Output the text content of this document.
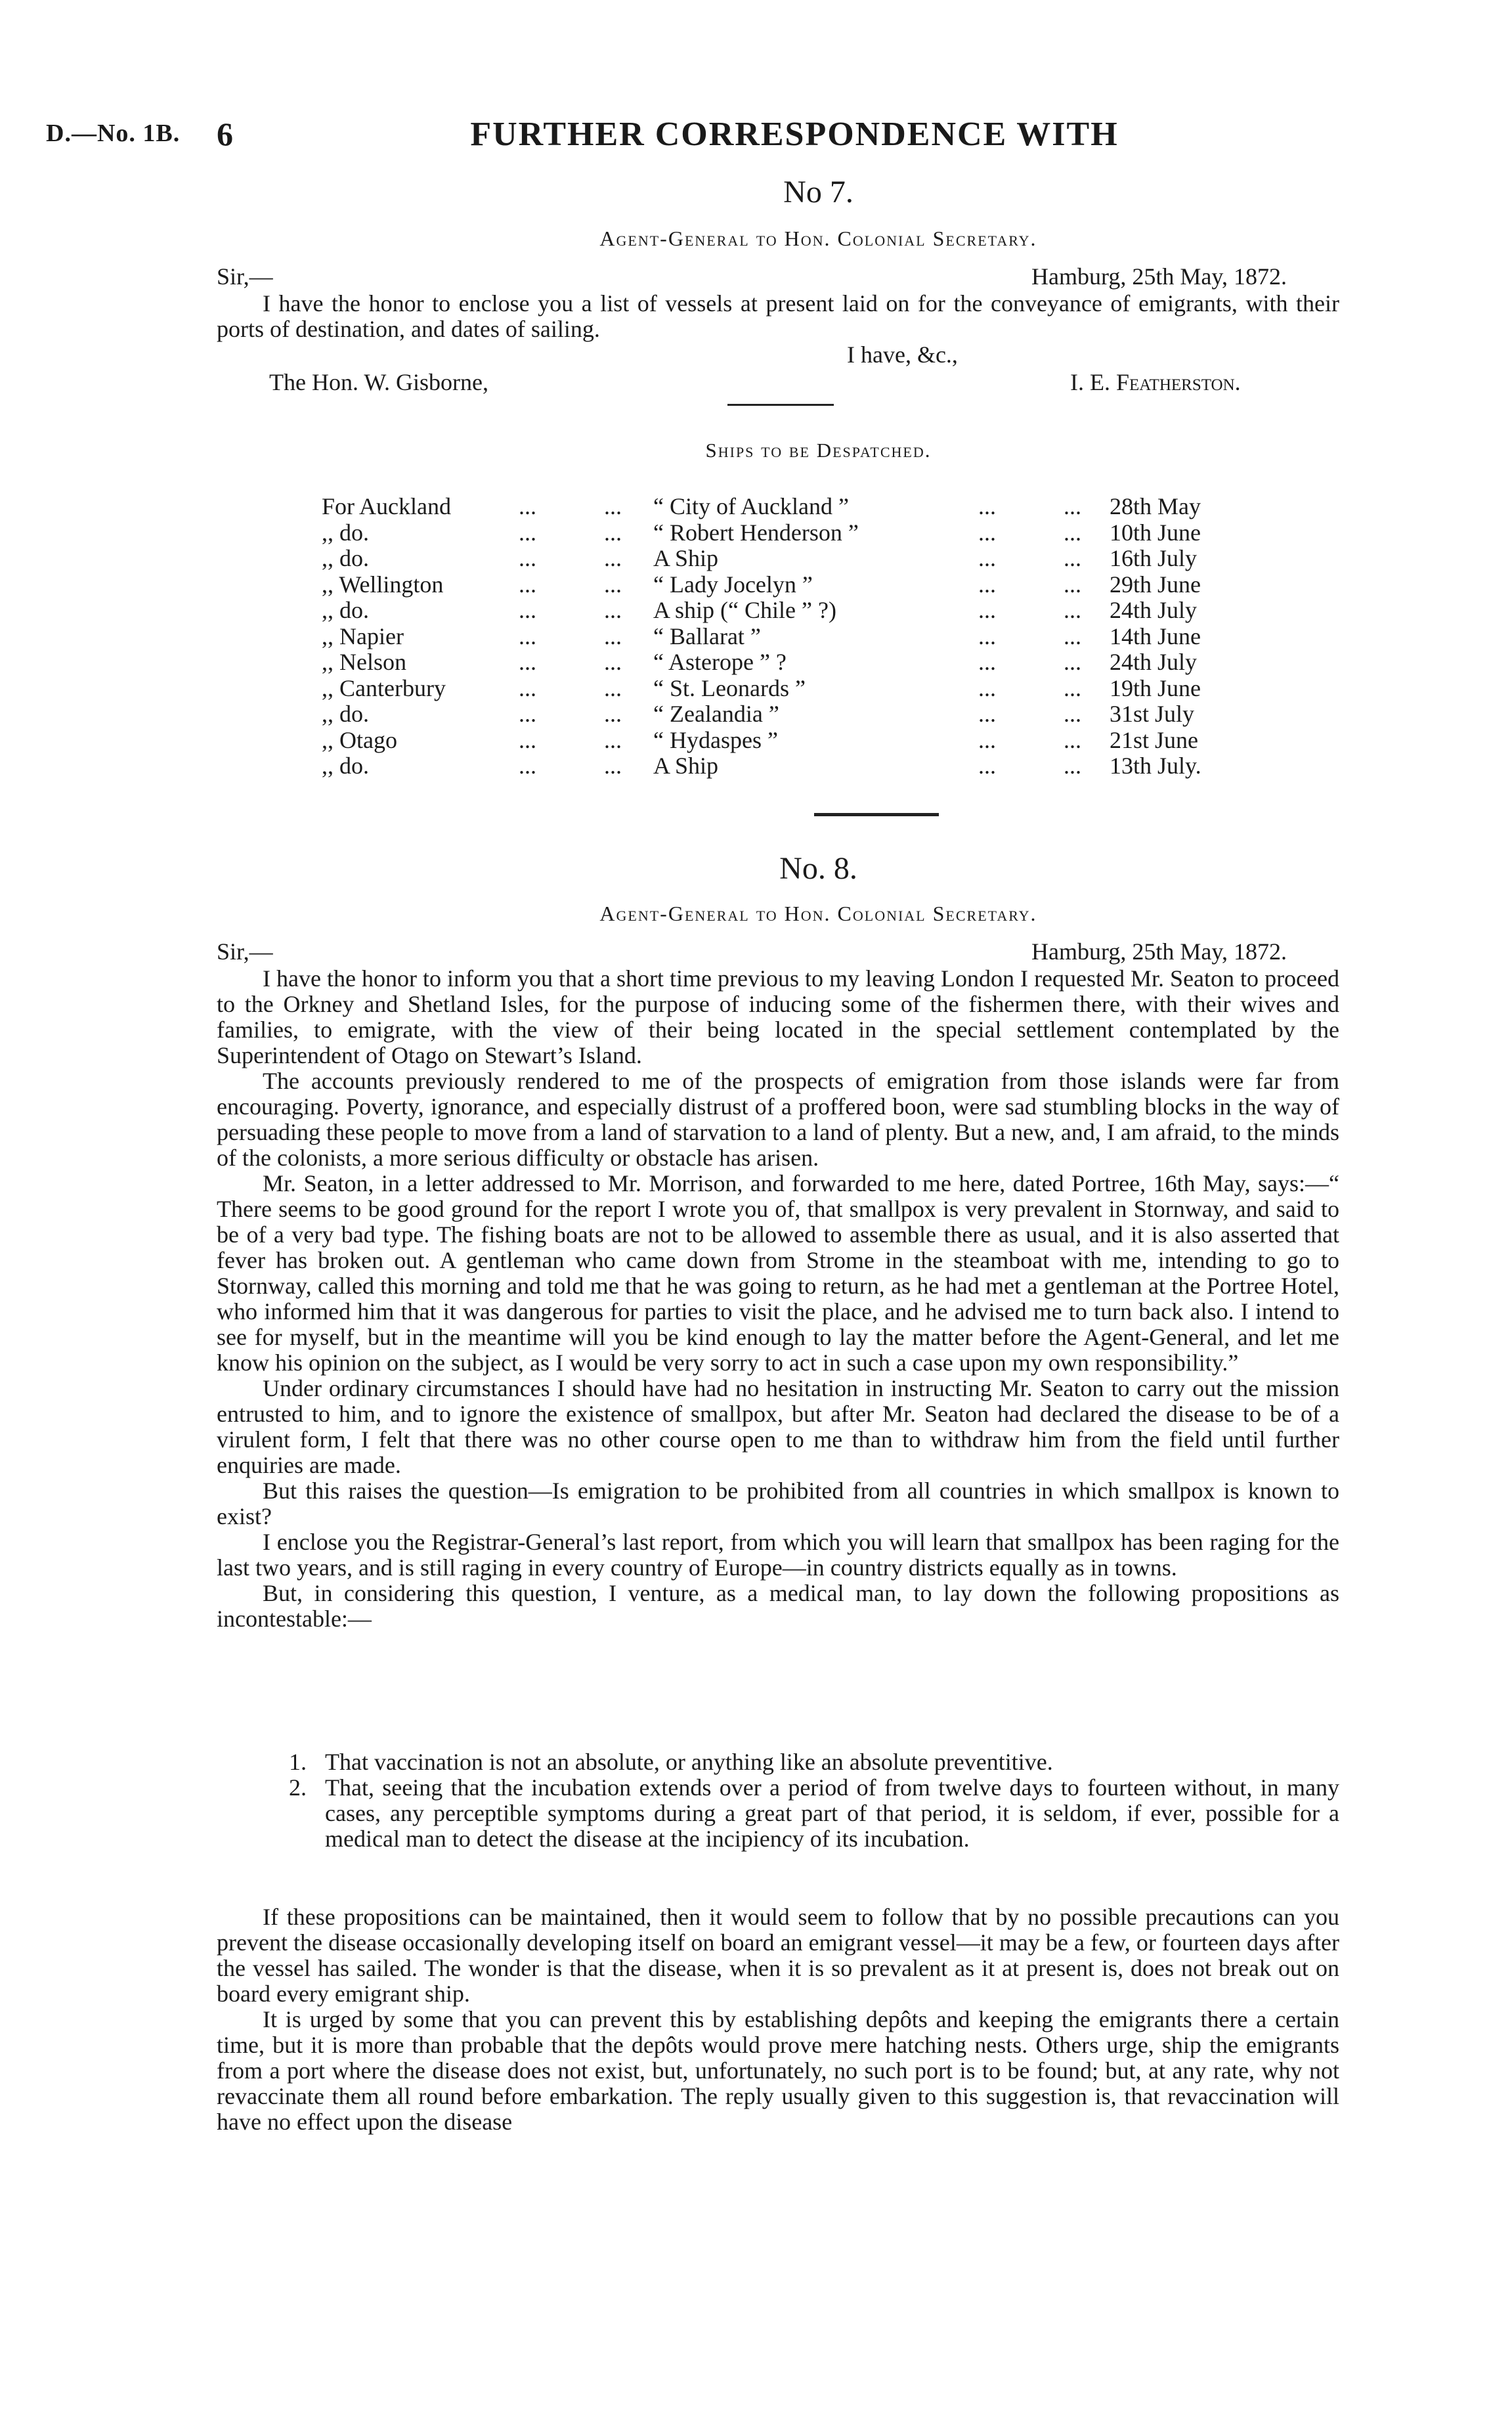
D.—No. 1B. 6	FURTHER CORRESPONDENCE WITH
No 7.
Agent-General to Hon. Colonial Secretary.
Sir,—	Hamburg, 25th May, 1872.

I have the honor to enclose you a list of vessels at present laid on for the conveyance of emigrants, with their ports of destination, and dates of sailing.

I have, &c.,
The Hon. W. Gisborne,	I. E. Featherston.
Ships to be Despatched.
For Auckland	...	... “ City of Auckland ”	...	... 28th May
,, do.	...	... “ Robert Henderson ”	...	... 10th June
,, do.	...	... A Ship	...	... 16th July
,, Wellington	...	... “ Lady Jocelyn ”	...	... 29th June
,, do.	...	... A ship (“ Chile ” ?)	...	... 24th July
,, Napier	...	... “ Ballarat ”	...	... 14th June
,, Nelson	...	... “ Asterope ” ?	...	... 24th July
,, Canterbury	...	... “ St. Leonards ”	...	... 19th June
,, do.	...	... “ Zealandia ”	...	... 31st July
,, Otago	...	... “ Hydaspes ”	...	... 21st June
,, do.	...	... A Ship	...	... 13th July.
No. 8.
Agent-General to Hon. Colonial Secretary.
Sir,—	Hamburg, 25th May, 1872.

I have the honor to inform you that a short time previous to my leaving London I requested Mr. Seaton to proceed to the Orkney and Shetland Isles, for the purpose of inducing some of the fishermen there, with their wives and families, to emigrate, with the view of their being located in the special settlement contemplated by the Superintendent of Otago on Stewart’s Island.

The accounts previously rendered to me of the prospects of emigration from those islands were far from encouraging. Poverty, ignorance, and especially distrust of a proffered boon, were sad stumbling blocks in the way of persuading these people to move from a land of starvation to a land of plenty. But a new, and, I am afraid, to the minds of the colonists, a more serious difficulty or obstacle has arisen.

Mr. Seaton, in a letter addressed to Mr. Morrison, and forwarded to me here, dated Portree, 16th May, says:—“ There seems to be good ground for the report I wrote you of, that smallpox is very prevalent in Stornway, and said to be of a very bad type. The fishing boats are not to be allowed to assemble there as usual, and it is also asserted that fever has broken out. A gentleman who came down from Strome in the steamboat with me, intending to go to Stornway, called this morning and told me that he was going to return, as he had met a gentleman at the Portree Hotel, who informed him that it was dangerous for parties to visit the place, and he advised me to turn back also. I intend to see for myself, but in the meantime will you be kind enough to lay the matter before the Agent-General, and let me know his opinion on the subject, as I would be very sorry to act in such a case upon my own responsibility.”

Under ordinary circumstances I should have had no hesitation in instructing Mr. Seaton to carry out the mission entrusted to him, and to ignore the existence of smallpox, but after Mr. Seaton had declared the disease to be of a virulent form, I felt that there was no other course open to me than to withdraw him from the field until further enquiries are made.

But this raises the question—Is emigration to be prohibited from all countries in which smallpox is known to exist?

I enclose you the Registrar-General’s last report, from which you will learn that smallpox has been raging for the last two years, and is still raging in every country of Europe—in country districts equally as in towns.

But, in considering this question, I venture, as a medical man, to lay down the following propositions as incontestable:—

1. That vaccination is not an absolute, or anything like an absolute preventitive.
2. That, seeing that the incubation extends over a period of from twelve days to fourteen without, in many cases, any perceptible symptoms during a great part of that period, it is seldom, if ever, possible for a medical man to detect the disease at the incipiency of its incubation.

If these propositions can be maintained, then it would seem to follow that by no possible precautions can you prevent the disease occasionally developing itself on board an emigrant vessel—it may be a few, or fourteen days after the vessel has sailed. The wonder is that the disease, when it is so prevalent as it at present is, does not break out on board every emigrant ship.

It is urged by some that you can prevent this by establishing depôts and keeping the emigrants there a certain time, but it is more than probable that the depôts would prove mere hatching nests. Others urge, ship the emigrants from a port where the disease does not exist, but, unfortunately, no such port is to be found; but, at any rate, why not revaccinate them all round before embarkation. The reply usually given to this suggestion is, that revaccination will have no effect upon the disease
